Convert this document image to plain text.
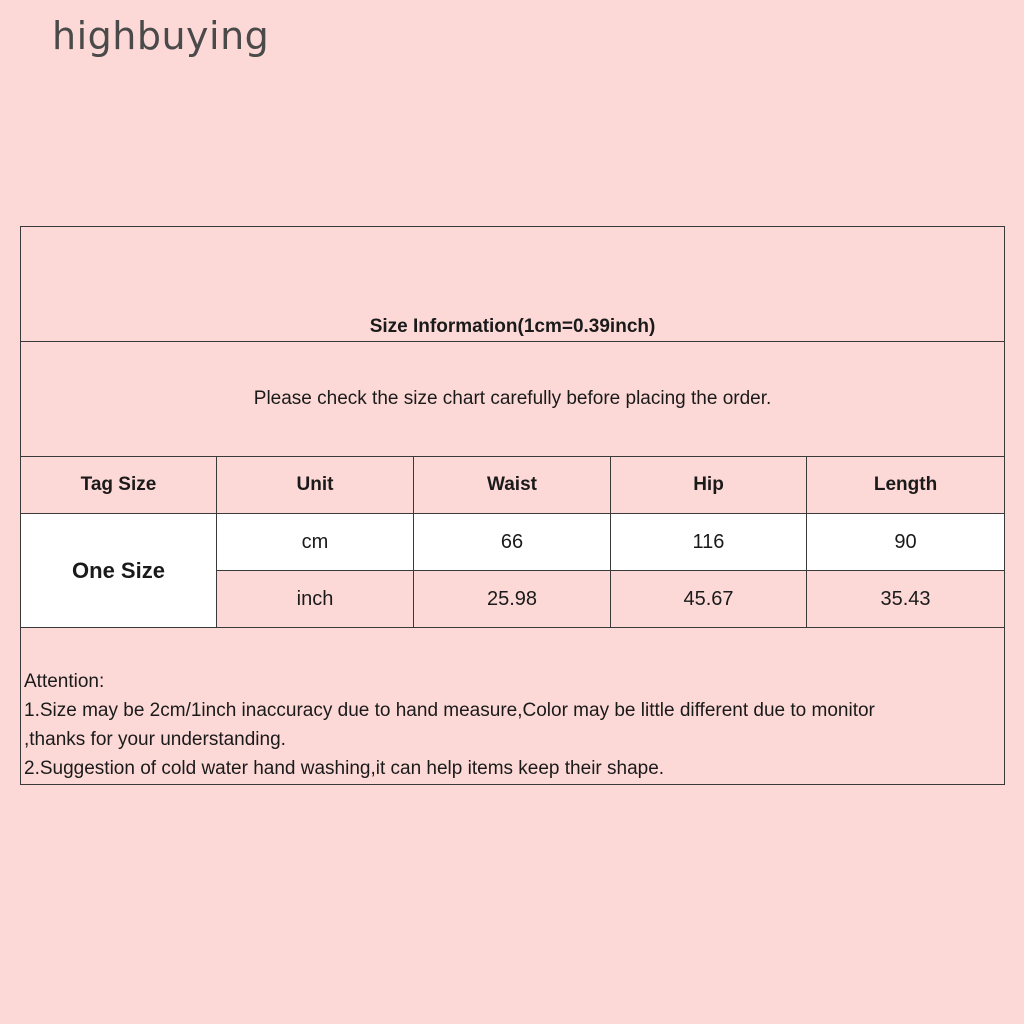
highbuying
Size Information(1cm=0.39inch)				

Please check the size chart carefully before placing the order.				
Tag Size	Unit	Waist	Hip	Length
One Size	cm	66	116	90
	inch	25.98	45.67	35.43

Attention:
1.Size may be 2cm/1inch inaccuracy due to hand measure,Color may be little different due to monitor
,thanks for your understanding.
2.Suggestion of cold water hand washing,it can help items keep their shape.				
